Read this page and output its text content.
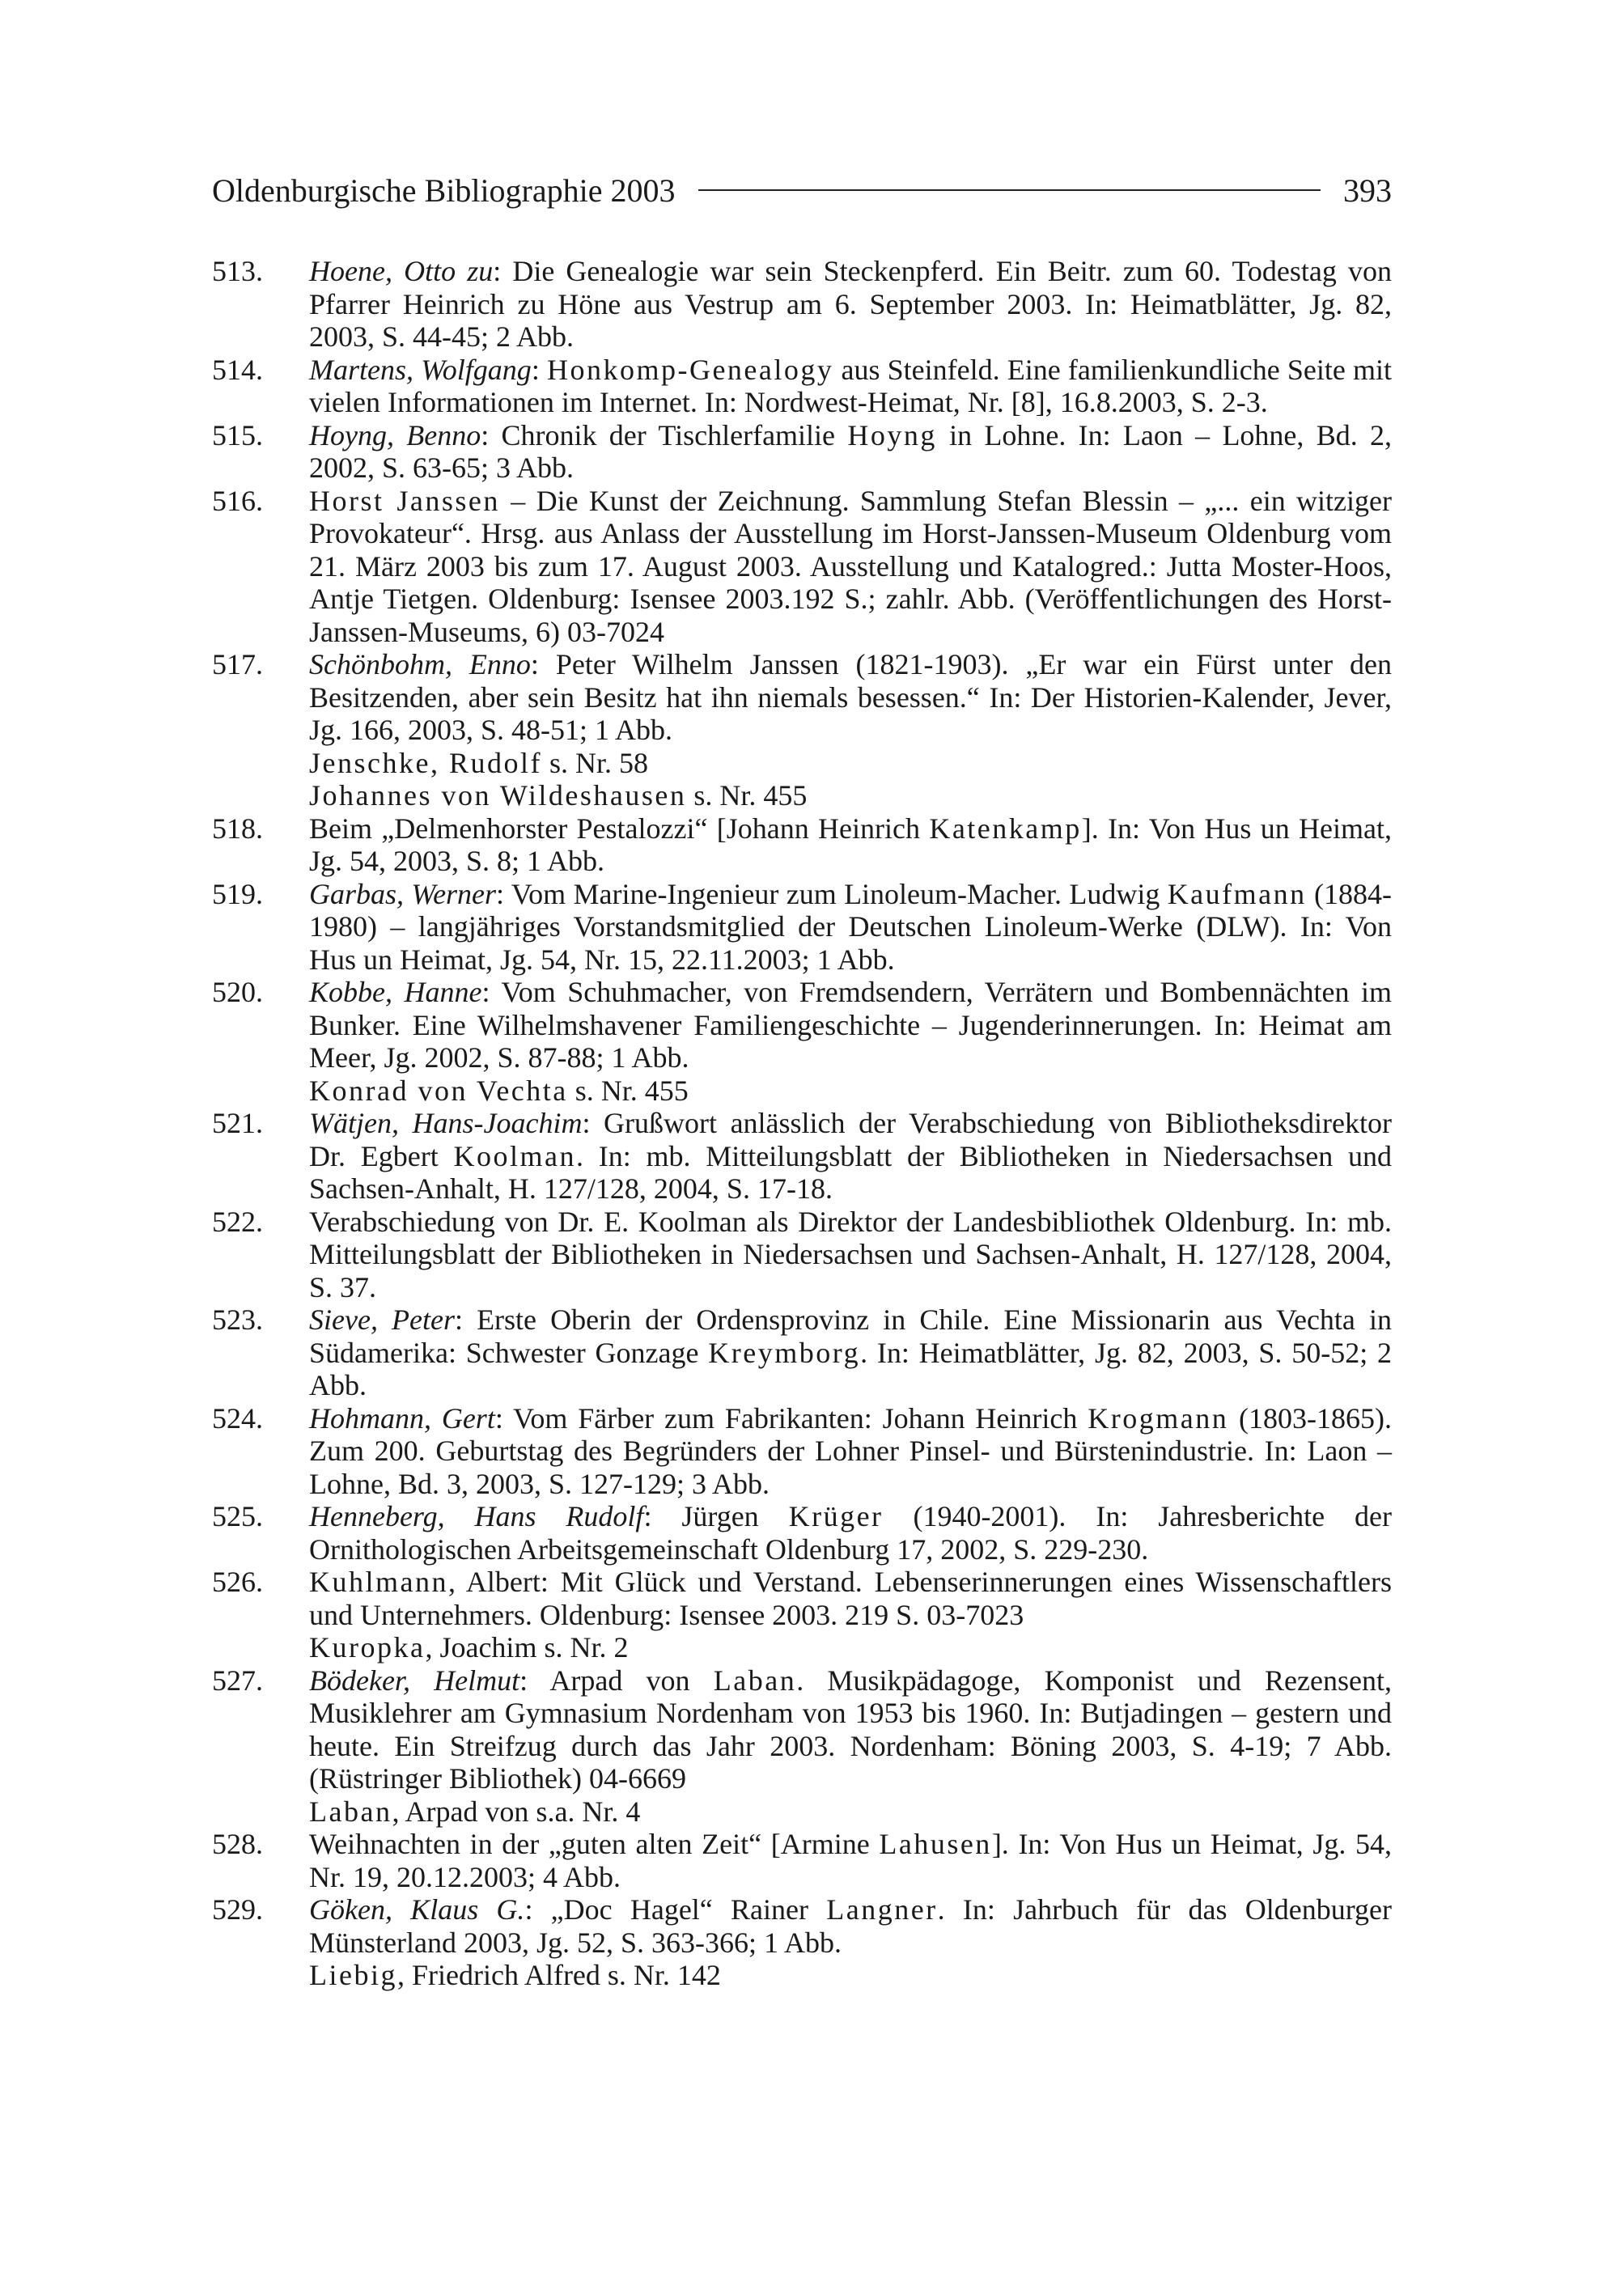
Oldenburgische Bibliographie 2003	393
513.	Hoene, Otto zu: Die Genealogie war sein Steckenpferd. Ein Beitr. zum 60. Todestag von Pfarrer Heinrich zu Höne aus Vestrup am 6. September 2003. In: Heimatblätter, Jg. 82, 2003, S. 44-45; 2 Abb.
514.	Martens, Wolfgang: Honkomp-Genealogy aus Steinfeld. Eine familienkundliche Seite mit vielen Informationen im Internet. In: Nordwest-Heimat, Nr. [8], 16.8.2003, S. 2-3.
515.	Hoyng, Benno: Chronik der Tischlerfamilie Hoyng in Lohne. In: Laon – Lohne, Bd. 2, 2002, S. 63-65; 3 Abb.
516.	Horst Janssen – Die Kunst der Zeichnung. Sammlung Stefan Blessin – „... ein witziger Provokateur“. Hrsg. aus Anlass der Ausstellung im Horst-Janssen-Museum Oldenburg vom 21. März 2003 bis zum 17. August 2003. Ausstellung und Katalogred.: Jutta Moster-Hoos, Antje Tietgen. Oldenburg: Isensee 2003.192 S.; zahlr. Abb. (Veröffentlichungen des Horst-Janssen-Museums, 6) 03-7024
517.	Schönbohm, Enno: Peter Wilhelm Janssen (1821-1903). „Er war ein Fürst unter den Besitzenden, aber sein Besitz hat ihn niemals besessen.“ In: Der Historien-Kalender, Jever, Jg. 166, 2003, S. 48-51; 1 Abb.
Jenschke, Rudolf s. Nr. 58
Johannes von Wildeshausen s. Nr. 455
518.	Beim „Delmenhorster Pestalozzi“ [Johann Heinrich Katenkamp]. In: Von Hus un Heimat, Jg. 54, 2003, S. 8; 1 Abb.
519.	Garbas, Werner: Vom Marine-Ingenieur zum Linoleum-Macher. Ludwig Kaufmann (1884-1980) – langjähriges Vorstandsmitglied der Deutschen Linoleum-Werke (DLW). In: Von Hus un Heimat, Jg. 54, Nr. 15, 22.11.2003; 1 Abb.
520.	Kobbe, Hanne: Vom Schuhmacher, von Fremdsendern, Verrätern und Bombennächten im Bunker. Eine Wilhelmshavener Familiengeschichte – Jugenderinnerungen. In: Heimat am Meer, Jg. 2002, S. 87-88; 1 Abb.
Konrad von Vechta s. Nr. 455
521.	Wätjen, Hans-Joachim: Grußwort anlässlich der Verabschiedung von Bibliotheksdirektor Dr. Egbert Koolman. In: mb. Mitteilungsblatt der Bibliotheken in Niedersachsen und Sachsen-Anhalt, H. 127/128, 2004, S. 17-18.
522.	Verabschiedung von Dr. E. Koolman als Direktor der Landesbibliothek Oldenburg. In: mb. Mitteilungsblatt der Bibliotheken in Niedersachsen und Sachsen-Anhalt, H. 127/128, 2004, S. 37.
523.	Sieve, Peter: Erste Oberin der Ordensprovinz in Chile. Eine Missionarin aus Vechta in Südamerika: Schwester Gonzage Kreymborg. In: Heimatblätter, Jg. 82, 2003, S. 50-52; 2 Abb.
524.	Hohmann, Gert: Vom Färber zum Fabrikanten: Johann Heinrich Krogmann (1803-1865). Zum 200. Geburtstag des Begründers der Lohner Pinsel- und Bürstenindustrie. In: Laon – Lohne, Bd. 3, 2003, S. 127-129; 3 Abb.
525.	Henneberg, Hans Rudolf: Jürgen Krüger (1940-2001). In: Jahresberichte der Ornithologischen Arbeitsgemeinschaft Oldenburg 17, 2002, S. 229-230.
526.	Kuhlmann, Albert: Mit Glück und Verstand. Lebenserinnerungen eines Wissenschaftlers und Unternehmers. Oldenburg: Isensee 2003. 219 S. 03-7023
Kuropka, Joachim s. Nr. 2
527.	Bödeker, Helmut: Arpad von Laban. Musikpädagoge, Komponist und Rezensent, Musiklehrer am Gymnasium Nordenham von 1953 bis 1960. In: Butjadingen – gestern und heute. Ein Streifzug durch das Jahr 2003. Nordenham: Böning 2003, S. 4-19; 7 Abb. (Rüstringer Bibliothek) 04-6669
Laban, Arpad von s.a. Nr. 4
528.	Weihnachten in der „guten alten Zeit“ [Armine Lahusen]. In: Von Hus un Heimat, Jg. 54, Nr. 19, 20.12.2003; 4 Abb.
529.	Göken, Klaus G.: „Doc Hagel“ Rainer Langner. In: Jahrbuch für das Oldenburger Münsterland 2003, Jg. 52, S. 363-366; 1 Abb.
Liebig, Friedrich Alfred s. Nr. 142
